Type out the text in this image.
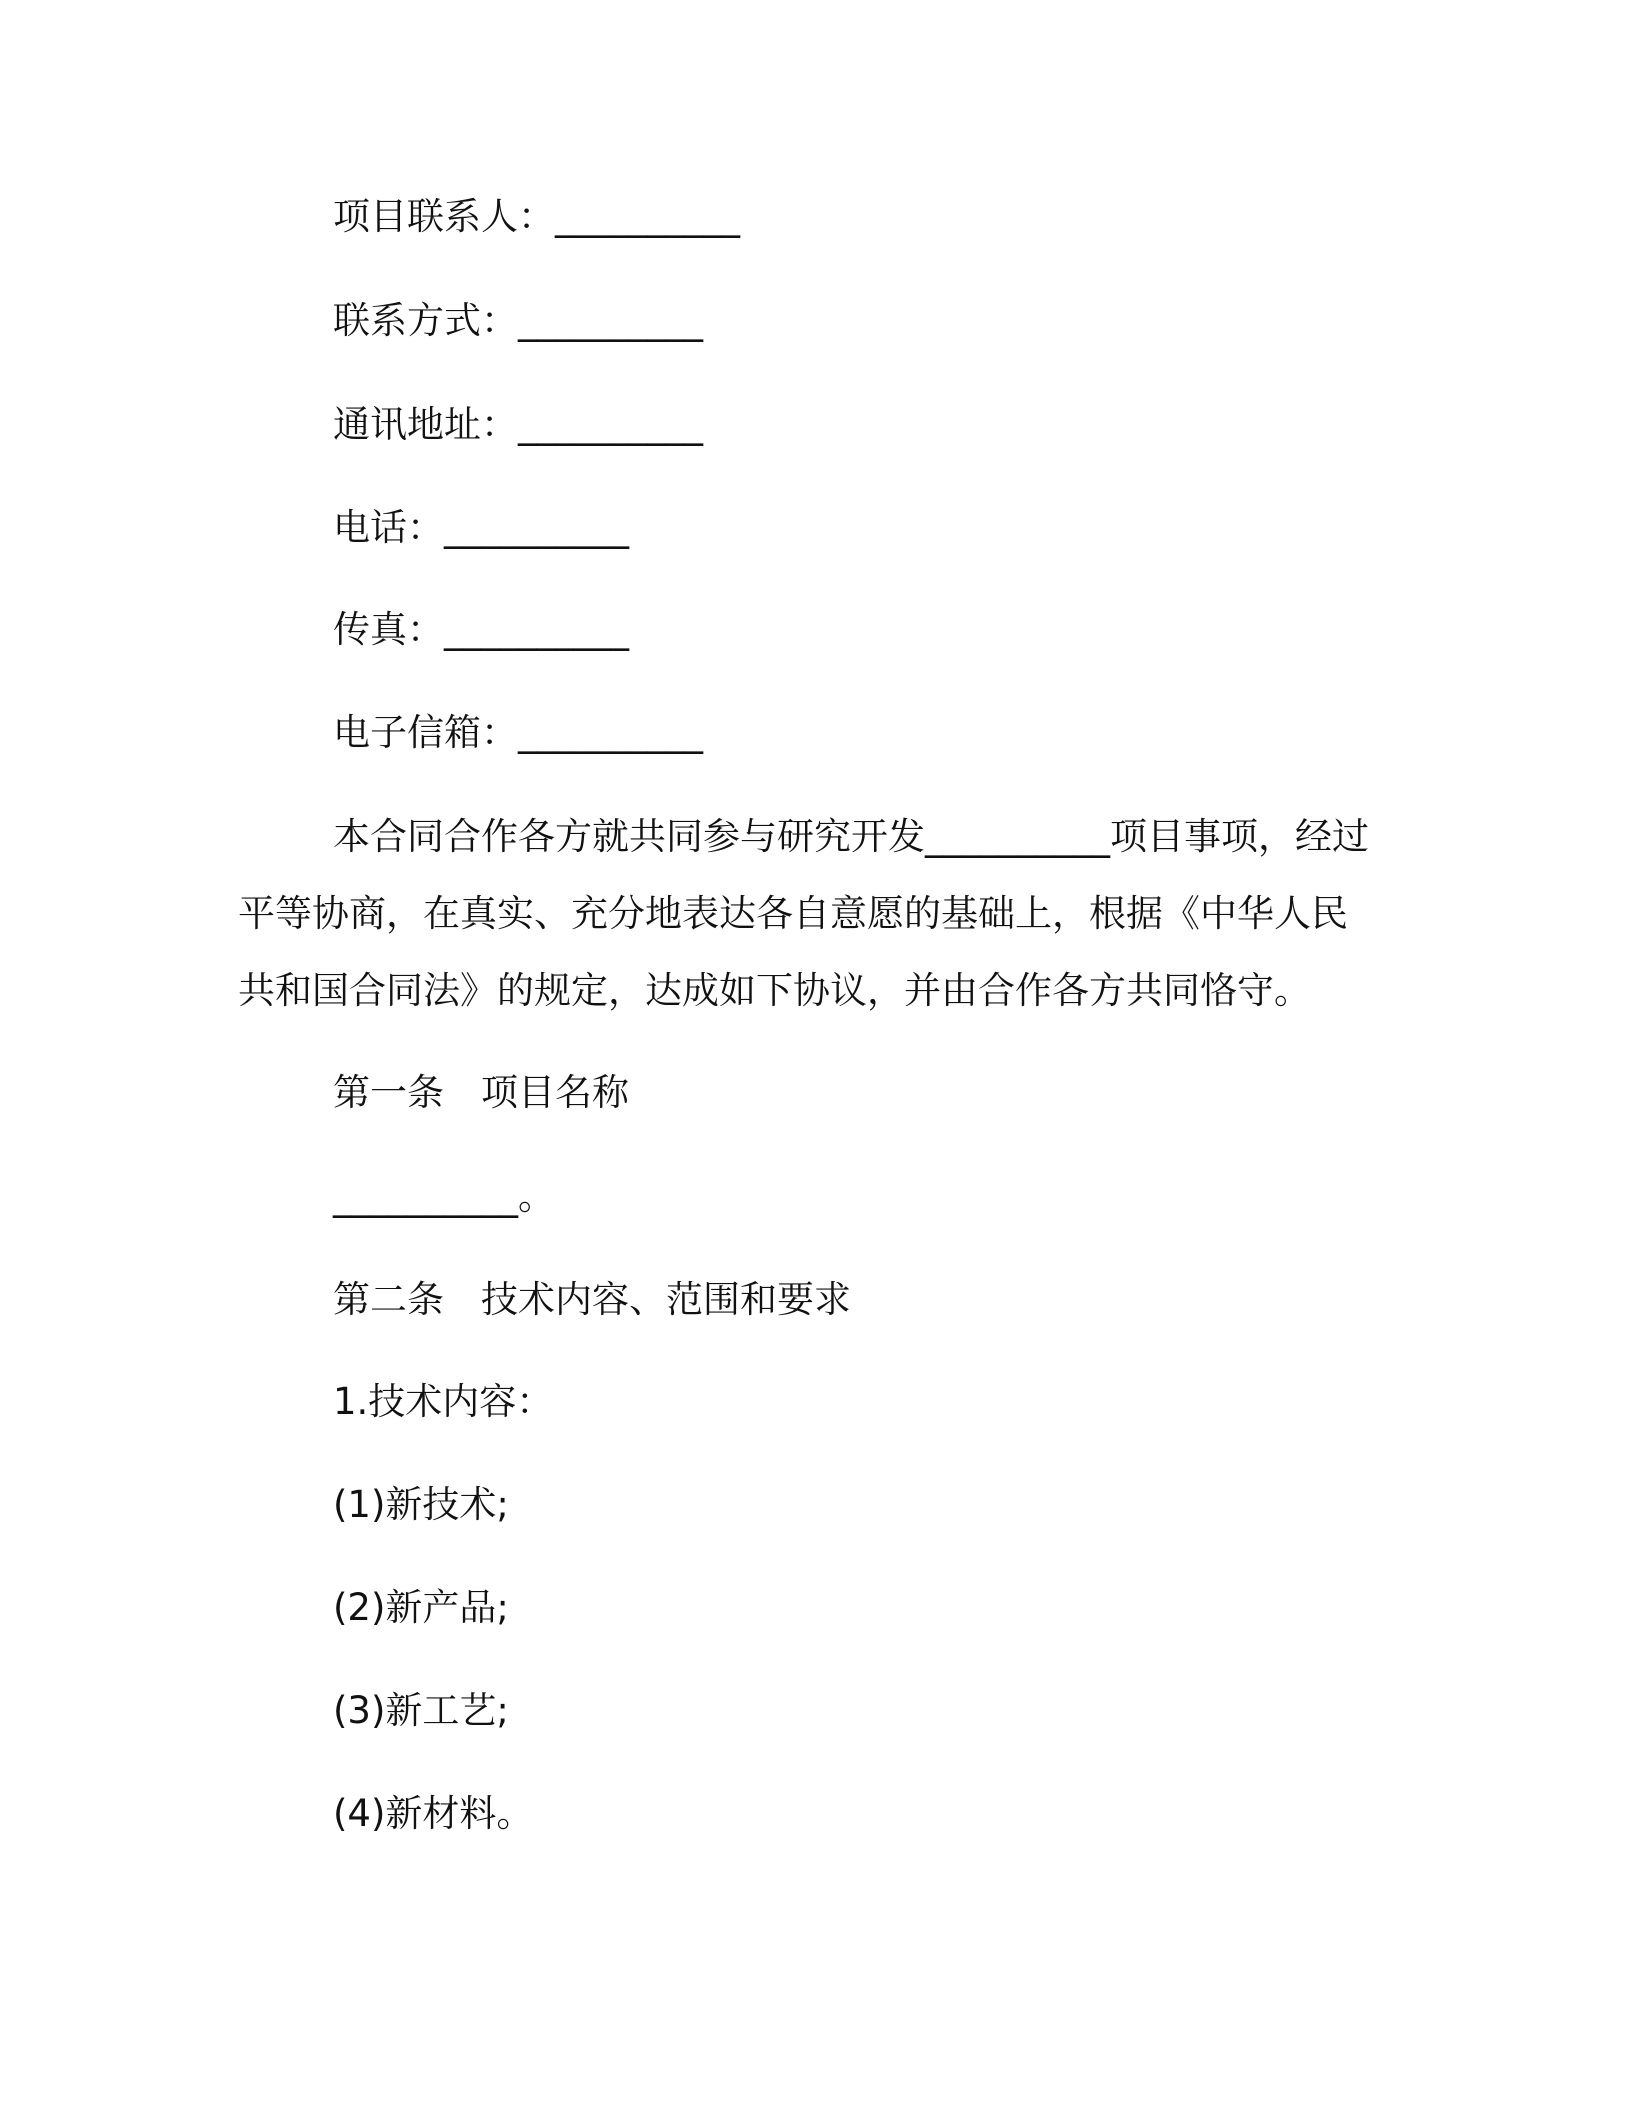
项目联系人：__________
联系方式：__________
通讯地址：__________
电话：__________
传真：__________
电子信箱：__________
本合同合作各方就共同参与研究开发__________项目事项，经过
平等协商，在真实、充分地表达各自意愿的基础上，根据《中华人民
共和国合同法》的规定，达成如下协议，并由合作各方共同恪守。
第一条　项目名称
__________。
第二条　技术内容、范围和要求
1.技术内容：
(1)新技术;
(2)新产品;
(3)新工艺;
(4)新材料。
